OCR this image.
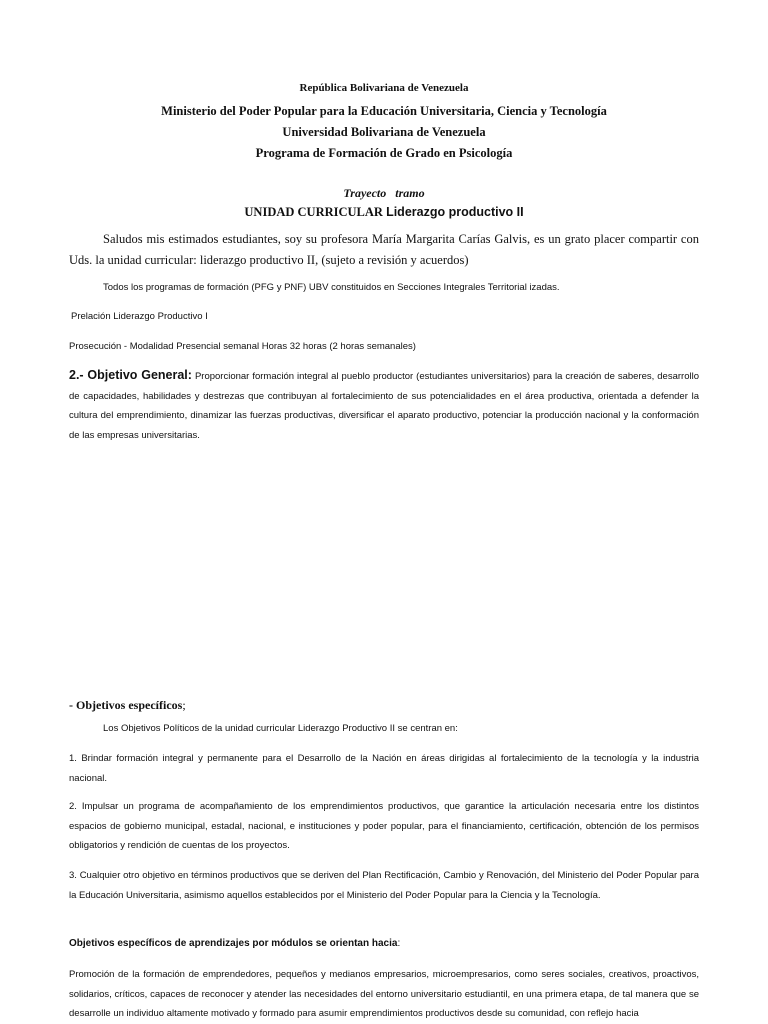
República Bolivariana de Venezuela
Ministerio del Poder Popular para la Educación Universitaria, Ciencia y Tecnología
Universidad Bolivariana de Venezuela
Programa de Formación de Grado en Psicología
Trayecto   tramo
UNIDAD CURRICULAR Liderazgo productivo II
Saludos mis estimados estudiantes, soy su profesora María Margarita Carías Galvis, es un grato placer compartir con Uds. la unidad curricular: liderazgo productivo II, (sujeto a revisión y acuerdos)
Todos los programas de formación (PFG y PNF) UBV constituidos en Secciones Integrales Territorial izadas.
Prelación Liderazgo Productivo I
Prosecución - Modalidad Presencial semanal Horas 32 horas (2 horas semanales)
2.- Objetivo General: Proporcionar formación integral al pueblo productor (estudiantes universitarios) para la creación de saberes, desarrollo de capacidades, habilidades y destrezas que contribuyan al fortalecimiento de sus potencialidades en el área productiva, orientada a defender la cultura del emprendimiento, dinamizar las fuerzas productivas, diversificar el aparato productivo, potenciar la producción nacional y la conformación de las empresas universitarias.
- Objetivos específicos;
Los Objetivos Políticos de la unidad curricular Liderazgo Productivo II se centran en:
1. Brindar formación integral y permanente para el Desarrollo de la Nación en áreas dirigidas al fortalecimiento de la tecnología y la industria nacional.
2. Impulsar un programa de acompañamiento de los emprendimientos productivos, que garantice la articulación necesaria entre los distintos espacios de gobierno municipal, estadal, nacional, e instituciones y poder popular, para el financiamiento, certificación, obtención de los permisos obligatorios y rendición de cuentas de los proyectos.
3. Cualquier otro objetivo en términos productivos que se deriven del Plan Rectificación, Cambio y Renovación, del Ministerio del Poder Popular para la Educación Universitaria, asimismo aquellos establecidos por el Ministerio del Poder Popular para la Ciencia y la Tecnología.
Objetivos específicos de aprendizajes por módulos se orientan hacia:
Promoción de la formación de emprendedores, pequeños y medianos empresarios, microempresarios, como seres sociales, creativos, proactivos, solidarios, críticos, capaces de reconocer y atender las necesidades del entorno universitario estudiantil, en una primera etapa, de tal manera que se desarrolle un individuo altamente motivado y formado para asumir emprendimientos productivos desde su comunidad, con reflejo hacia
